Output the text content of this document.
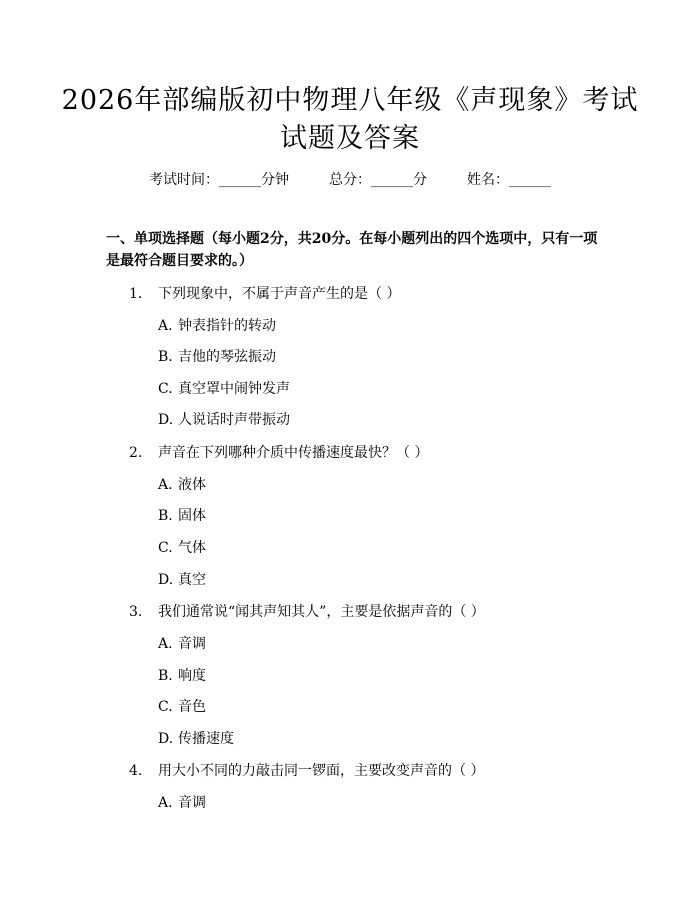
2026年部编版初中物理八年级《声现象》考试试题及答案
考试时间：______分钟	总分：______分	姓名：______
一、单项选择题（每小题2分，共20分。在每小题列出的四个选项中，只有一项是最符合题目要求的。）
1. 下列现象中，不属于声音产生的是（ ）
A. 钟表指针的转动
B. 吉他的琴弦振动
C. 真空罩中闹钟发声
D. 人说话时声带振动
2. 声音在下列哪种介质中传播速度最快？（ ）
A. 液体
B. 固体
C. 气体
D. 真空
3. 我们通常说“闻其声知其人”，主要是依据声音的（ ）
A. 音调
B. 响度
C. 音色
D. 传播速度
4. 用大小不同的力敲击同一锣面，主要改变声音的（ ）
A. 音调
